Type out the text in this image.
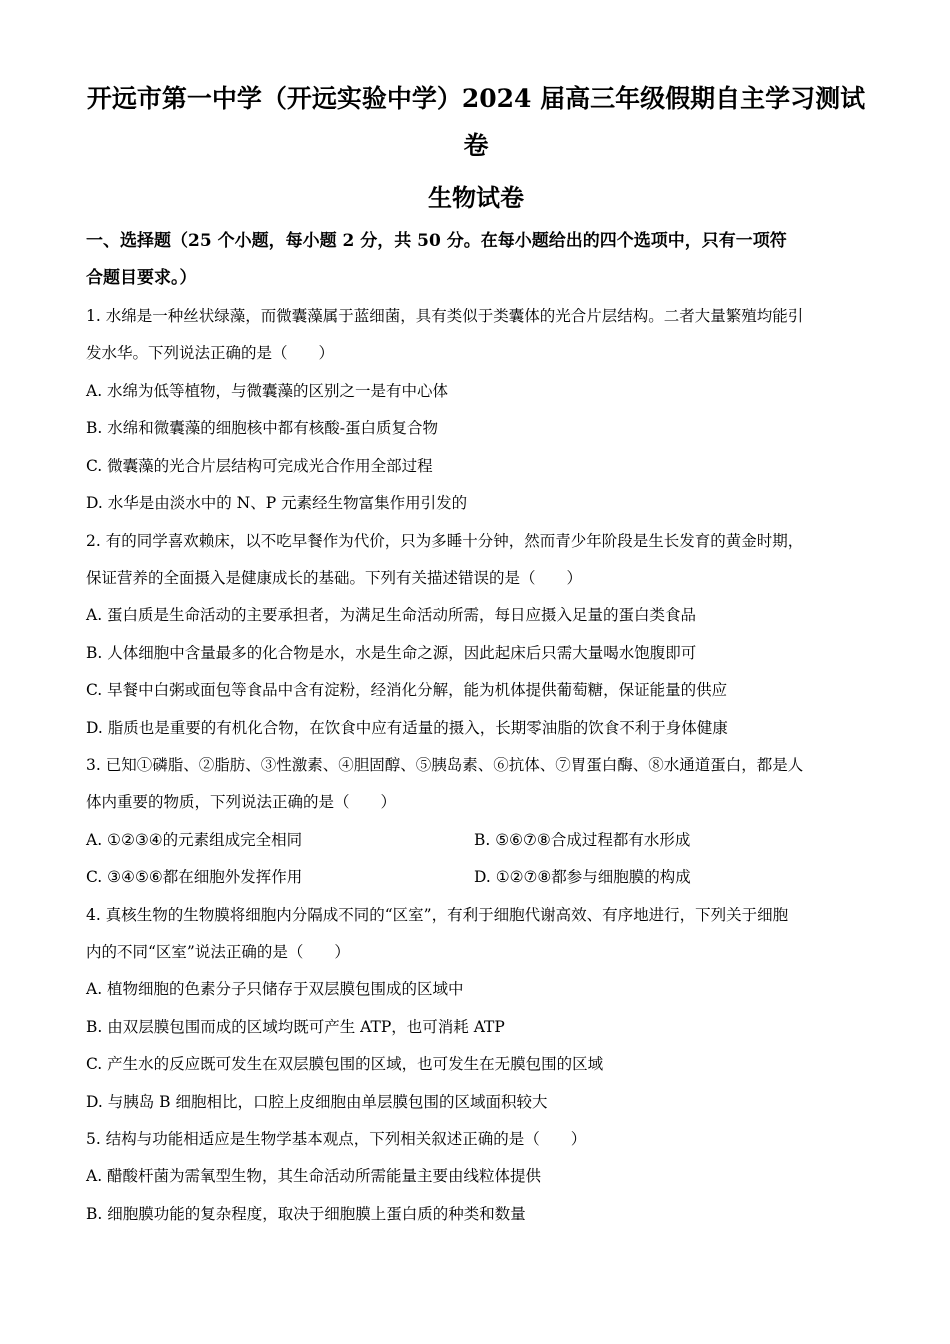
开远市第一中学（开远实验中学）2024 届高三年级假期自主学习测试
卷
生物试卷
一、选择题（25 个小题，每小题 2 分，共 50 分。在每小题给出的四个选项中，只有一项符
合题目要求。）
1. 水绵是一种丝状绿藻，而微囊藻属于蓝细菌，具有类似于类囊体的光合片层结构。二者大量繁殖均能引
发水华。下列说法正确的是（　　）
A. 水绵为低等植物，与微囊藻的区别之一是有中心体
B. 水绵和微囊藻的细胞核中都有核酸-蛋白质复合物
C. 微囊藻的光合片层结构可完成光合作用全部过程
D. 水华是由淡水中的 N、P 元素经生物富集作用引发的
2. 有的同学喜欢赖床，以不吃早餐作为代价，只为多睡十分钟，然而青少年阶段是生长发育的黄金时期，
保证营养的全面摄入是健康成长的基础。下列有关描述错误的是（　　）
A. 蛋白质是生命活动的主要承担者，为满足生命活动所需，每日应摄入足量的蛋白类食品
B. 人体细胞中含量最多的化合物是水，水是生命之源，因此起床后只需大量喝水饱腹即可
C. 早餐中白粥或面包等食品中含有淀粉，经消化分解，能为机体提供葡萄糖，保证能量的供应
D. 脂质也是重要的有机化合物，在饮食中应有适量的摄入，长期零油脂的饮食不利于身体健康
3. 已知①磷脂、②脂肪、③性激素、④胆固醇、⑤胰岛素、⑥抗体、⑦胃蛋白酶、⑧水通道蛋白，都是人
体内重要的物质，下列说法正确的是（　　）
A. ①②③④的元素组成完全相同	B. ⑤⑥⑦⑧合成过程都有水形成
C. ③④⑤⑥都在细胞外发挥作用	D. ①②⑦⑧都参与细胞膜的构成
4. 真核生物的生物膜将细胞内分隔成不同的“区室”，有利于细胞代谢高效、有序地进行，下列关于细胞
内的不同“区室”说法正确的是（　　）
A. 植物细胞的色素分子只储存于双层膜包围成的区域中
B. 由双层膜包围而成的区域均既可产生 ATP，也可消耗 ATP
C. 产生水的反应既可发生在双层膜包围的区域，也可发生在无膜包围的区域
D. 与胰岛 B 细胞相比，口腔上皮细胞由单层膜包围的区域面积较大
5. 结构与功能相适应是生物学基本观点，下列相关叙述正确的是（　　）
A. 醋酸杆菌为需氧型生物，其生命活动所需能量主要由线粒体提供
B. 细胞膜功能的复杂程度，取决于细胞膜上蛋白质的种类和数量
